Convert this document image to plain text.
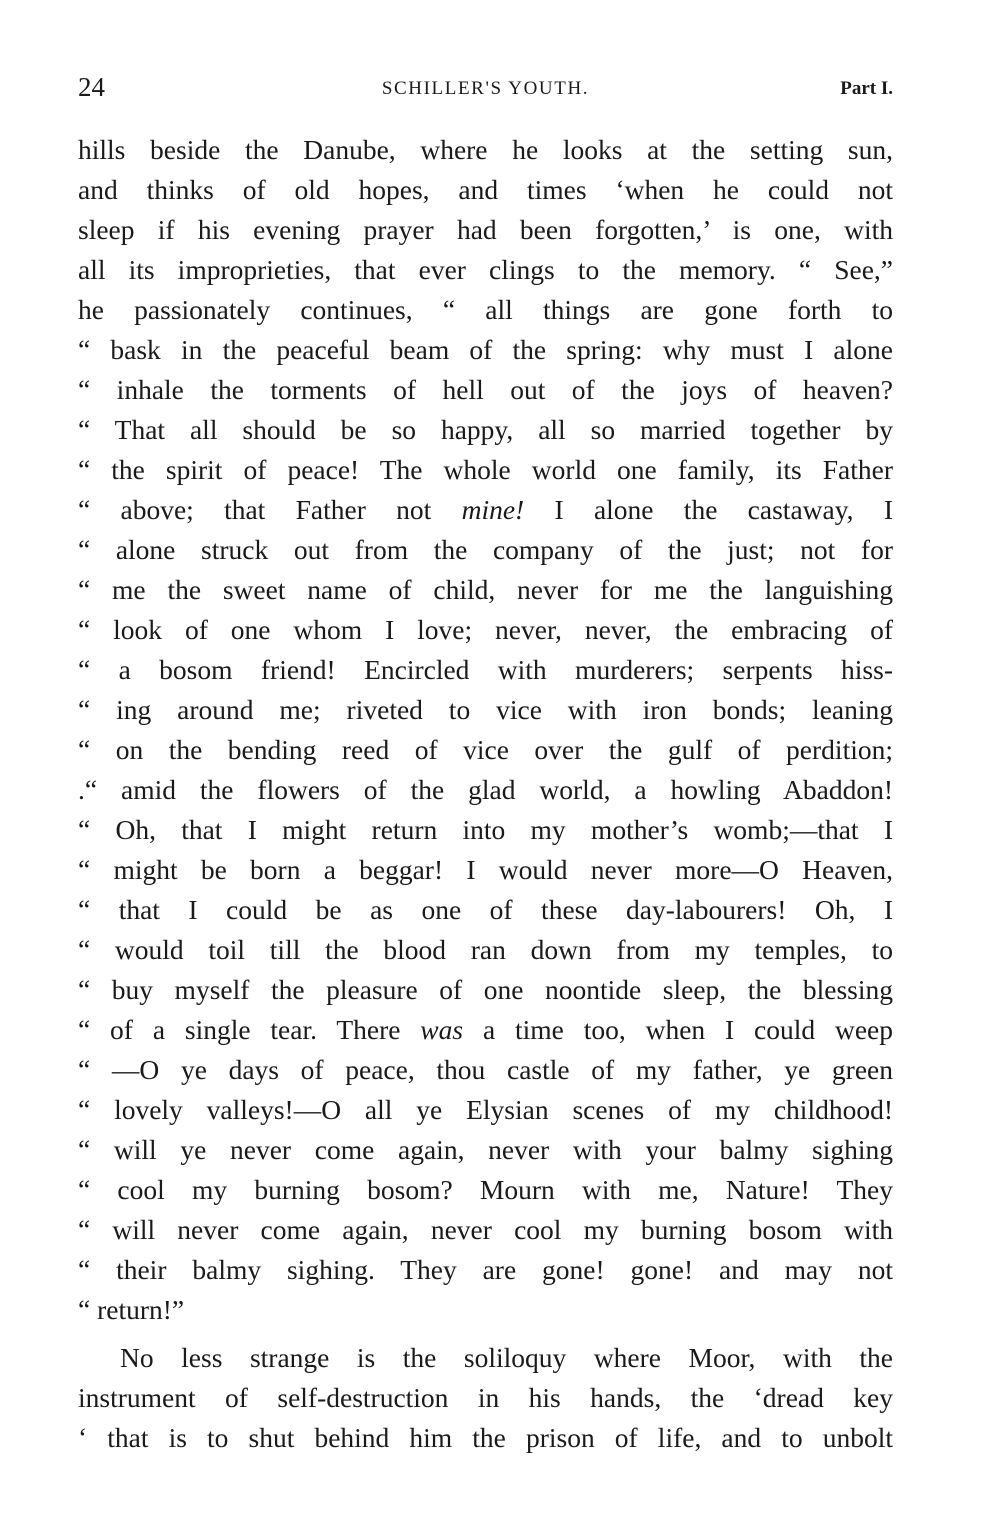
24	SCHILLER'S YOUTH.	Part I.
hills beside the Danube, where he looks at the setting sun,
and thinks of old hopes, and times ‘when he could not
sleep if his evening prayer had been forgotten,’ is one, with
all its improprieties, that ever clings to the memory. “ See,”
he passionately continues, “ all things are gone forth to
“ bask in the peaceful beam of the spring: why must I alone
“ inhale the torments of hell out of the joys of heaven?
“ That all should be so happy, all so married together by
“ the spirit of peace! The whole world one family, its Father
“ above; that Father not mine! I alone the castaway, I
“ alone struck out from the company of the just; not for
“ me the sweet name of child, never for me the languishing
“ look of one whom I love; never, never, the embracing of
“ a bosom friend! Encircled with murderers; serpents hiss-
“ ing around me; riveted to vice with iron bonds; leaning
“ on the bending reed of vice over the gulf of perdition;
.“ amid the flowers of the glad world, a howling Abaddon!
“ Oh, that I might return into my mother’s womb;—that I
“ might be born a beggar! I would never more—O Heaven,
“ that I could be as one of these day-labourers! Oh, I
“ would toil till the blood ran down from my temples, to
“ buy myself the pleasure of one noontide sleep, the blessing
“ of a single tear. There was a time too, when I could weep
“ —O ye days of peace, thou castle of my father, ye green
“ lovely valleys!—O all ye Elysian scenes of my childhood!
“ will ye never come again, never with your balmy sighing
“ cool my burning bosom? Mourn with me, Nature! They
“ will never come again, never cool my burning bosom with
“ their balmy sighing. They are gone! gone! and may not
“ return!”
No less strange is the soliloquy where Moor, with the
instrument of self-destruction in his hands, the ‘dread key
‘ that is to shut behind him the prison of life, and to unbolt
